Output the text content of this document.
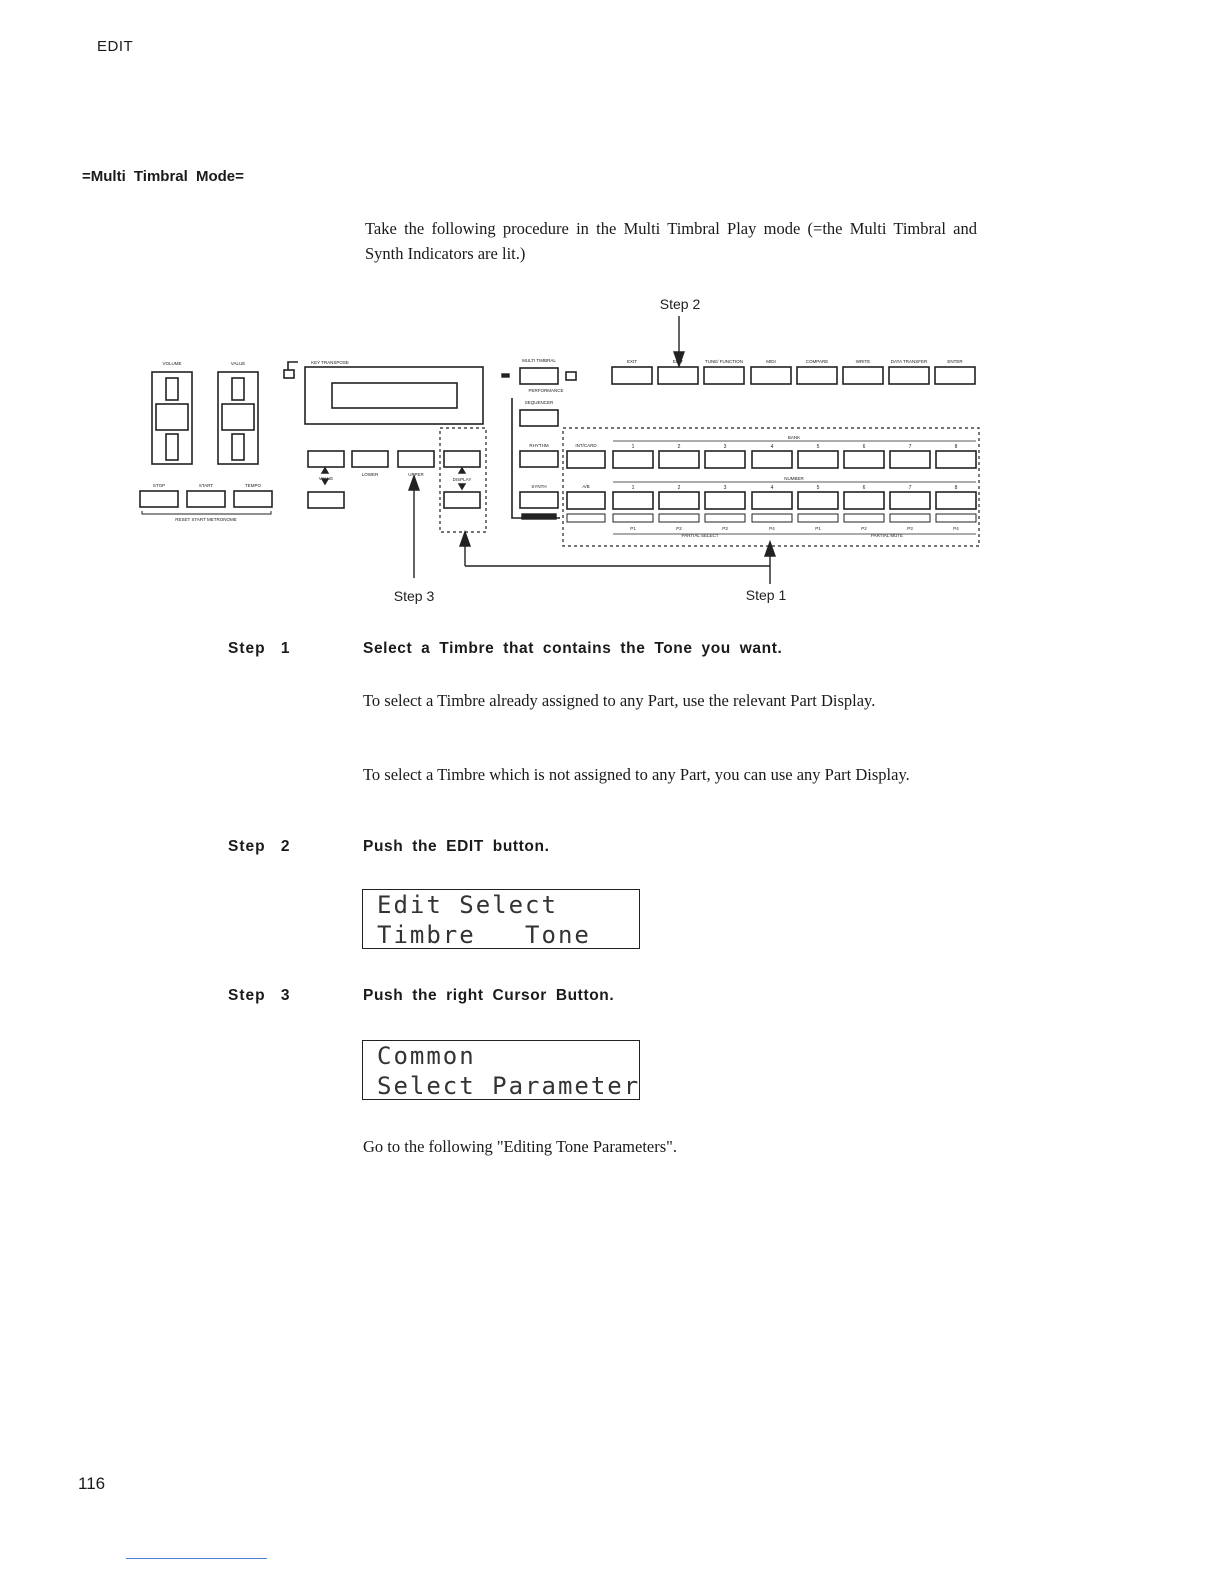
EDIT
=Multi Timbral Mode=
Take the following procedure in the Multi Timbral Play mode (=the Multi Timbral and Synth Indicators are lit.)
VOLUME	VALUE	KEY TRANSPOSE	MULTI TIMBRAL
PERFORMANCE
SEQUENCER
EXIT	EDIT	TUNE/ FUNCTION	MIDI	COMPARE	WRITE	DATA TRANSFER	ENTER
STOP	START	TEMPO
RESET START METRONOME
VALUE
LOWER	UPPER
DISPLAY
RHYTHM	INT/CARD
SYNTH	A/B
BANK
NUMBER
PARTIAL SELECT	PARTIAL MUTE
1
1
2
2
3
3
4
4
5
5
6
6
7
7
8
8
P1	P2	P3	P4	P1	P2	P3	P4
Step 2
Step 3	Step 1
Step 1	Select a Timbre that contains the Tone you want.
To select a Timbre already assigned to any Part, use the relevant Part Display.
To select a Timbre which is not assigned to any Part, you can use any Part Display.
Step 2	Push the EDIT button.
Edit Select
Timbre   Tone
Step 3	Push the right Cursor Button.
Common
Select Parameter
Go to the following "Editing Tone Parameters".
116
